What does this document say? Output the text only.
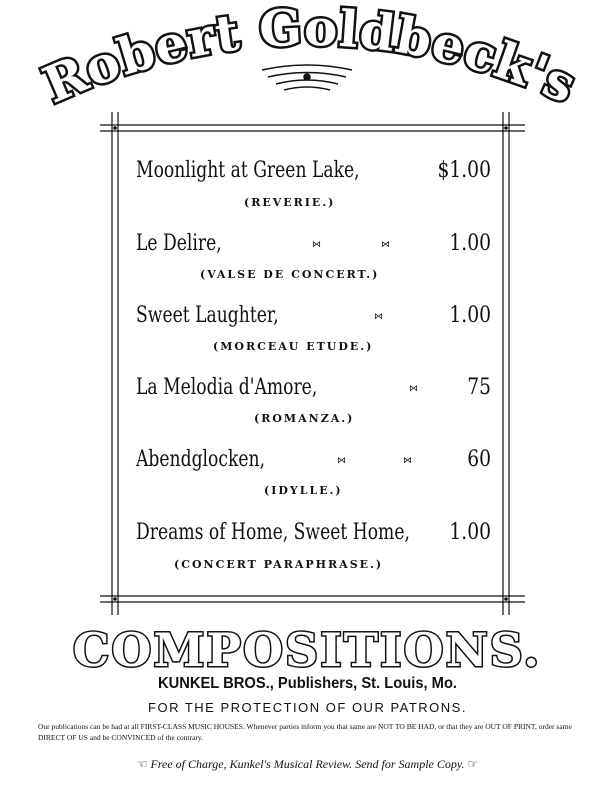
Robert Goldbeck's
Moonlight at Green Lake,	$1.00
(REVERIE.)
Le Delire,	1.00
⋈	⋈
(VALSE DE CONCERT.)
Sweet Laughter,	1.00
⋈
(MORCEAU ETUDE.)
La Melodia d'Amore,	75
⋈
(ROMANZA.)
Abendglocken,	60
⋈	⋈
(IDYLLE.)
Dreams of Home, Sweet Home, 1.00
(CONCERT PARAPHRASE.)
COMPOSITIONS.
KUNKEL BROS., Publishers, St. Louis, Mo.
FOR THE PROTECTION OF OUR PATRONS.
Our publications can be had at all FIRST-CLASS MUSIC HOUSES. Whenever parties inform you that same are NOT TO BE HAD, or that they are OUT OF PRINT, order same DIRECT OF US and be CONVINCED of the contrary.
☜ Free of Charge, Kunkel's Musical Review. Send for Sample Copy. ☞
